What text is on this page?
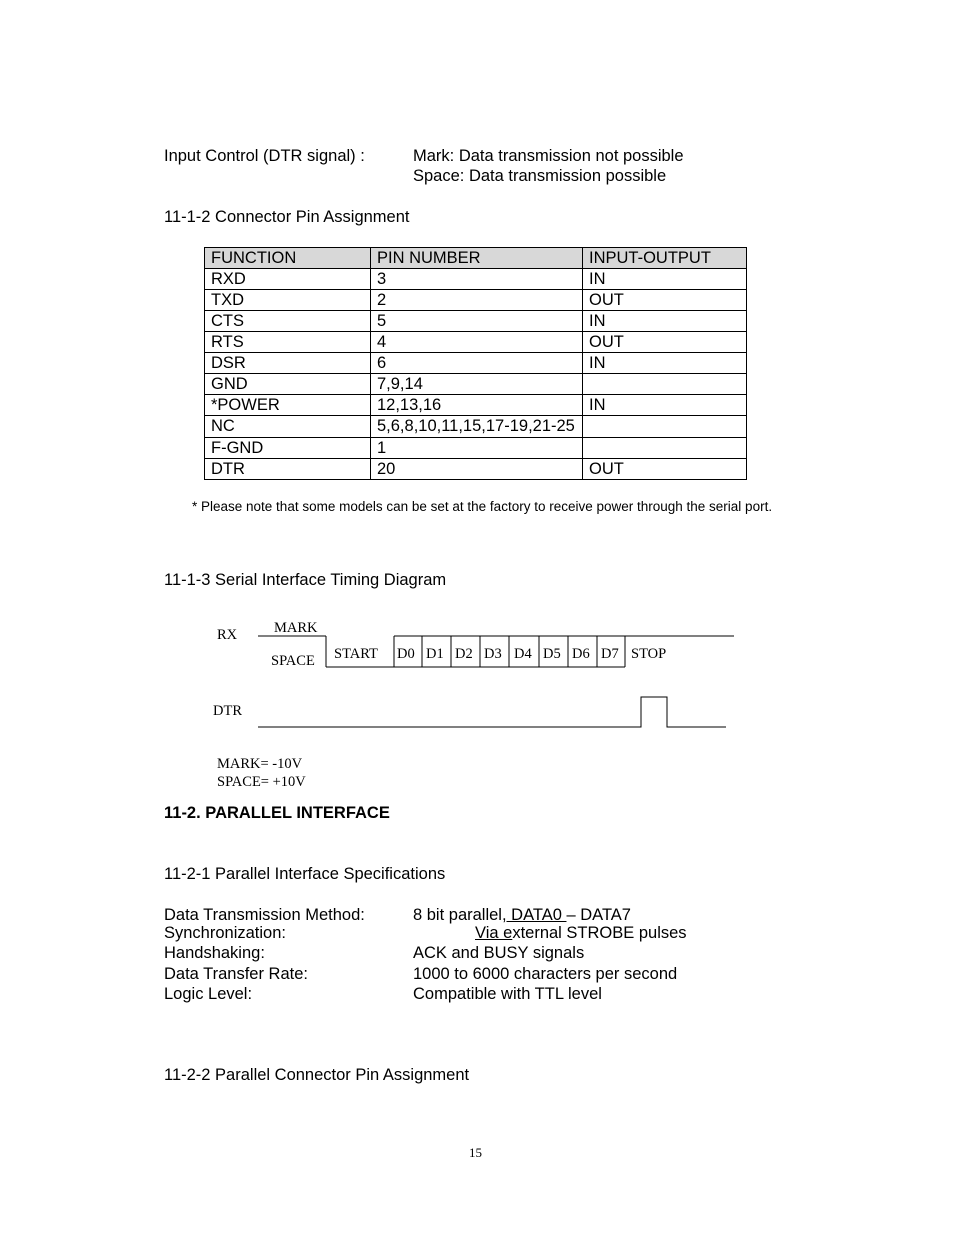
Input Control (DTR signal) :	Mark: Data transmission not possible
Space: Data transmission possible
11-1-2 Connector Pin Assignment
FUNCTION	PIN NUMBER	INPUT-OUTPUT
RXD	3	IN
TXD	2	OUT
CTS	5	IN
RTS	4	OUT
DSR	6	IN
GND	7,9,14	
*POWER	12,13,16	IN
NC	5,6,8,10,11,15,17-19,21-25	
F-GND	1	
DTR	20	OUT
* Please note that some models can be set at the factory to receive power through the serial port.
11-1-3 Serial Interface Timing Diagram
RX	MARK
SPACE START D0 D1 D2 D3 D4 D5 D6 D7 STOP
DTR
MARK= -10V
SPACE= +10V
11-2. PARALLEL INTERFACE
11-2-1 Parallel Interface Specifications
Data Transmission Method:	8 bit parallel, DATA0 – DATA7
Synchronization:	Via external STROBE pulses
Handshaking:	ACK and BUSY signals
Data Transfer Rate:	1000 to 6000 characters per second
Logic Level:	Compatible with TTL level
11-2-2 Parallel Connector Pin Assignment
15
